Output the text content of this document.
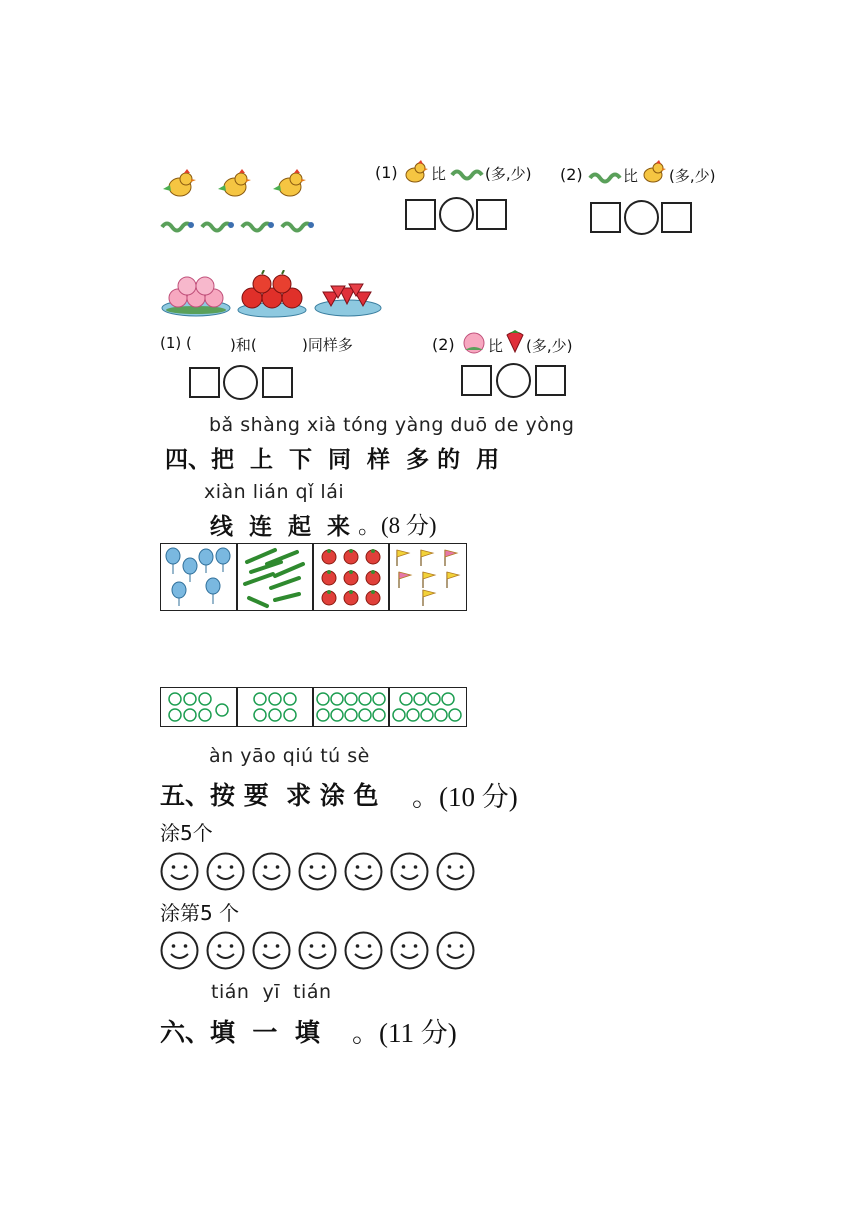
(1) 比	(多,少) (2)	比 (多,少)
(1) (	)和(	)同样多	(2) 比 (多,少)
bǎ shàng xià tóng yàng duō de yòng
四、把  上  下  同  样  多 的  用
xiàn lián qǐ lái
线  连  起  来 。(8 分)
àn yāo qiú tú sè
五、按 要  求 涂 色 。(10 分)
涂5个
涂第5 个
tián  yī  tián
六、填  一  填 。(11 分)
